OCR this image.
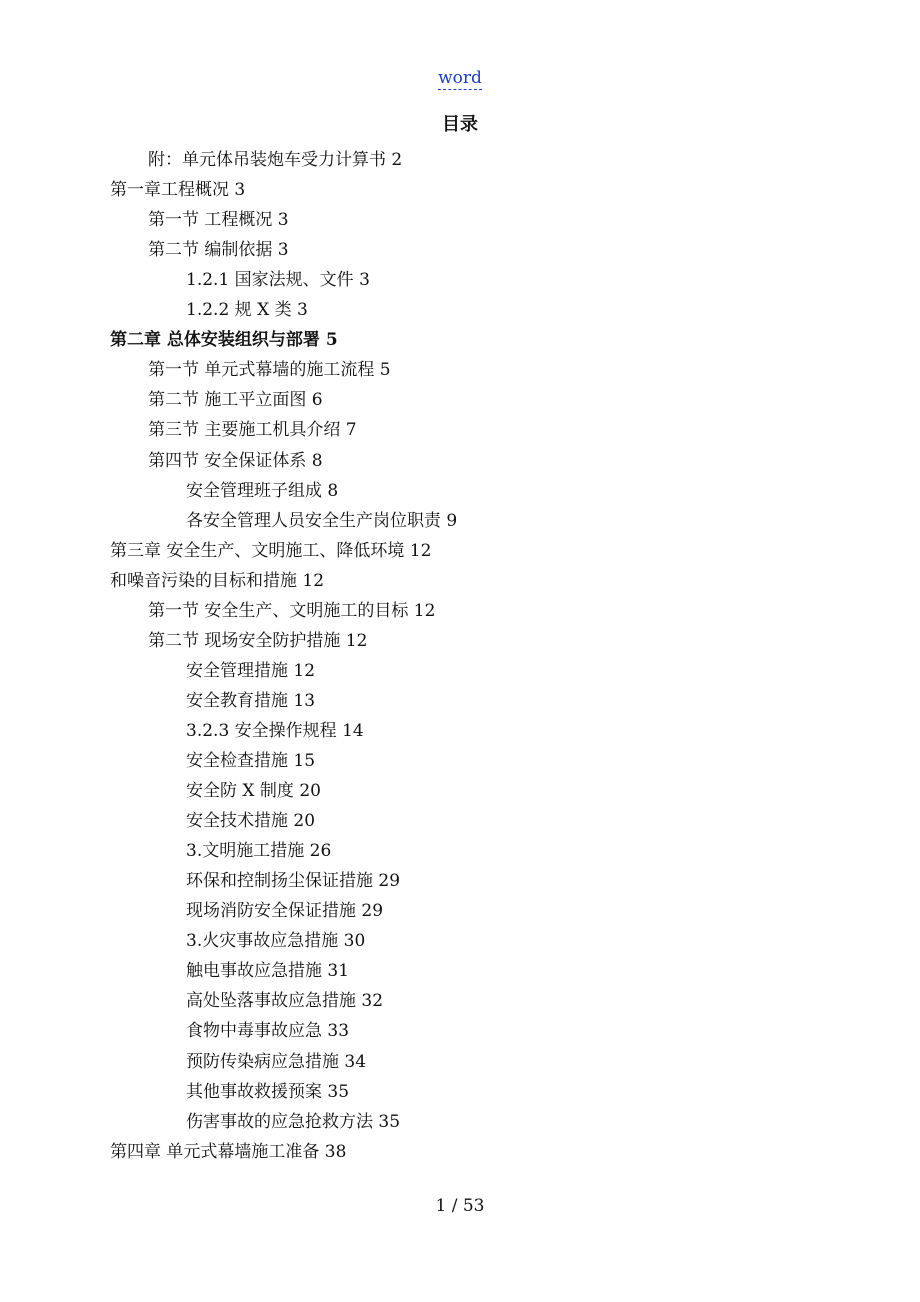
word
目录
附：单元体吊装炮车受力计算书 2
第一章工程概况 3
第一节 工程概况 3
第二节 编制依据 3
1.2.1 国家法规、文件 3
1.2.2 规 X 类 3
第二章 总体安装组织与部署 5
第一节 单元式幕墙的施工流程 5
第二节 施工平立面图 6
第三节 主要施工机具介绍 7
第四节 安全保证体系 8
安全管理班子组成 8
各安全管理人员安全生产岗位职责 9
第三章 安全生产、文明施工、降低环境 12
和噪音污染的目标和措施 12
第一节 安全生产、文明施工的目标 12
第二节 现场安全防护措施 12
安全管理措施 12
安全教育措施 13
3.2.3 安全操作规程 14
安全检查措施 15
安全防 X 制度 20
安全技术措施 20
3.文明施工措施 26
环保和控制扬尘保证措施 29
现场消防安全保证措施 29
3.火灾事故应急措施 30
触电事故应急措施 31
高处坠落事故应急措施 32
食物中毒事故应急 33
预防传染病应急措施 34
其他事故救援预案 35
伤害事故的应急抢救方法 35
第四章 单元式幕墙施工准备 38
1 / 53
